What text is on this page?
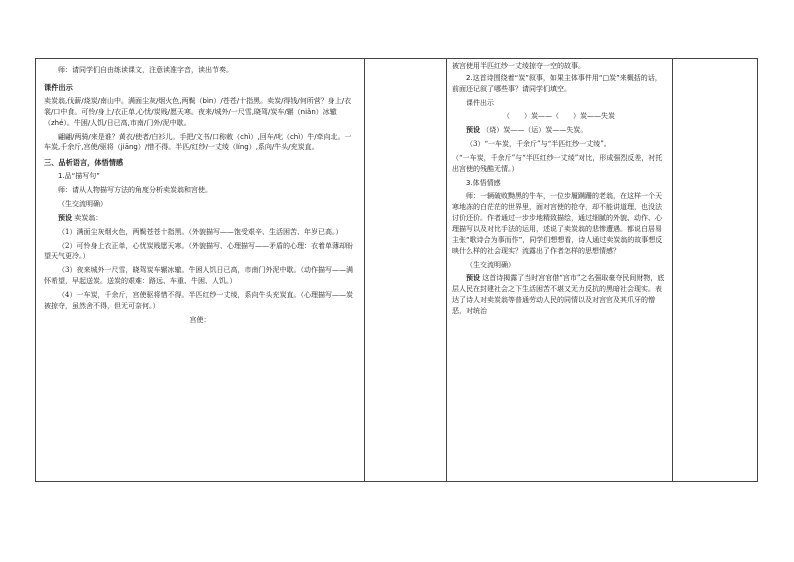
师：请同学们自由练读课文，注意读准字音，读出节奏。

课件出示

卖炭翁,伐薪/烧炭/南山中。满面尘灰/烟火色,两鬓（bìn）/苍苍/十指黑。卖炭/得钱/何所营？身上/衣裳/口中食。可怜/身上/衣正单,心忧/炭贱/愿天寒。夜来/城外/一尺雪,晓驾/炭车/辗（niǎn）冰辙（zhé）。牛困/人饥/日已高,市南/门外/泥中歇。

翩翩/两骑/来是谁？黄衣/使者/白衫儿。手把/文书/口称敕（chì）,回车/叱（chì）牛/牵向北。一车炭,千余斤,宫使/驱将（jiāng）/惜不得。半匹/红纱/一丈绫（líng）,系向/牛头/充炭直。

三、品析语言，体悟情感

1.品“描写句”

师：请从人物描写方法的角度分析卖炭翁和宫使。

（生交流明确）

预设 卖炭翁：

（1）满面尘灰烟火色，两鬓苍苍十指黑。（外貌描写——饱受艰辛、生活困苦、年岁已高。）

（2）可怜身上衣正单，心忧炭贱愿天寒。（外貌描写、心理描写——矛盾的心理：衣着单薄却盼望天气更冷。）

（3）夜来城外一尺雪，晓驾炭车辗冰辙。牛困人饥日已高，市南门外泥中歇。（动作描写——满怀希望，早起送炭。送炭的艰难：路远、车重、牛困、人饥。）

（4）一车炭，千余斤，宫使驱将惜不得。半匹红纱一丈绫，系向牛头充炭直。（心理描写——炭被掠夺，虽然舍不得，但无可奈何。）

宫使：

被宫使用半匹红纱一丈绫掠夺一空的故事。

2.这首诗围绕着“炭”叙事，如果主体事件用“□炭”来概括的话，前面还记叙了哪些事？请同学们填空。

课件出示

（　　）炭——（　　）炭——失炭

预设 （烧）炭——（运）炭——失炭。

（3）“一车炭，千余斤”与“半匹红纱一丈绫”。

（“一车炭，千余斤”与“半匹红纱一丈绫”对比，形成强烈反差，衬托出宫使的残酷无情。）

3.体悟情感

师：一辆破败黝黑的牛车，一位步履蹒跚的老翁，在这样一个天寒地冻的白茫茫的世界里，面对宫使的抢夺，却不能讲道理，也没法讨价还价。作者通过一步步地精致描绘，通过细腻的外貌、动作、心理描写以及对比手法的运用，述说了卖炭翁的悲惨遭遇。都说白居易主张“歌诗合为事而作”，同学们想想看，诗人通过卖炭翁的故事想反映什么样的社会现实？流露出了作者怎样的思想情感？

（生交流明确）

预设 这首诗揭露了当时宫官借“宫市”之名强取豪夺民间财物，底层人民在封建社会之下生活困苦不堪又无力反抗的黑暗社会现实。表达了诗人对卖炭翁等普通劳动人民的同情以及对宫官及其爪牙的憎恶，对统治
